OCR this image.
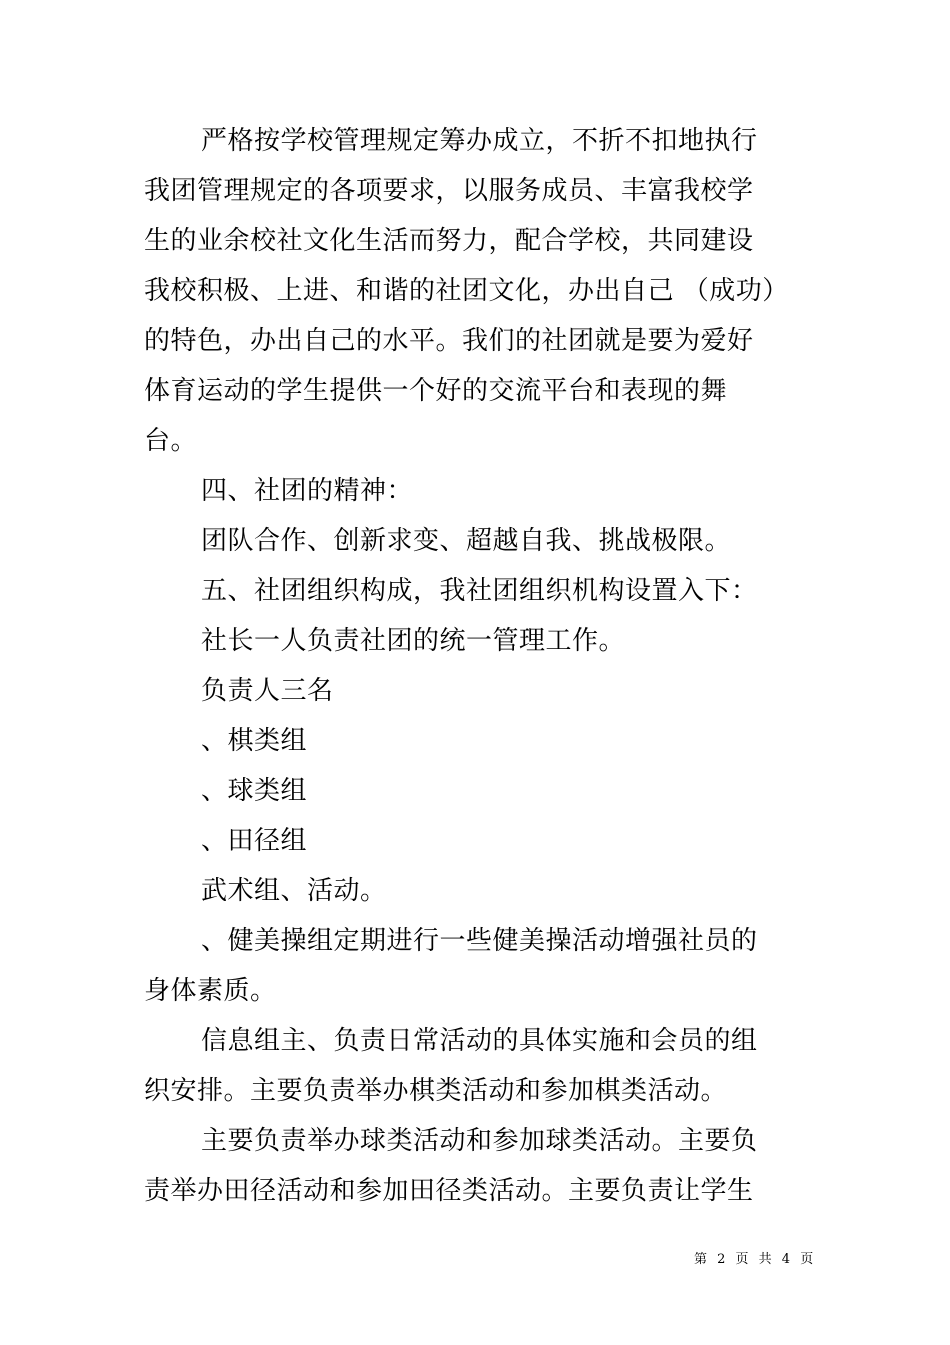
严格按学校管理规定筹办成立，不折不扣地执行
我团管理规定的各项要求，以服务成员、丰富我校学
生的业余校社文化生活而努力，配合学校，共同建设
我校积极、上进、和谐的社团文化，办出自己 （成功）
的特色，办出自己的水平。我们的社团就是要为爱好
体育运动的学生提供一个好的交流平台和表现的舞
台。
四、社团的精神：
团队合作、创新求变、超越自我、挑战极限。
五、社团组织构成，我社团组织机构设置入下：
社长一人负责社团的统一管理工作。
负责人三名
、棋类组
、球类组
、田径组
武术组、活动。
、健美操组定期进行一些健美操活动增强社员的
身体素质。
信息组主、负责日常活动的具体实施和会员的组
织安排。主要负责举办棋类活动和参加棋类活动。
主要负责举办球类活动和参加球类活动。主要负
责举办田径活动和参加田径类活动。主要负责让学生
第 2 页 共 4 页
